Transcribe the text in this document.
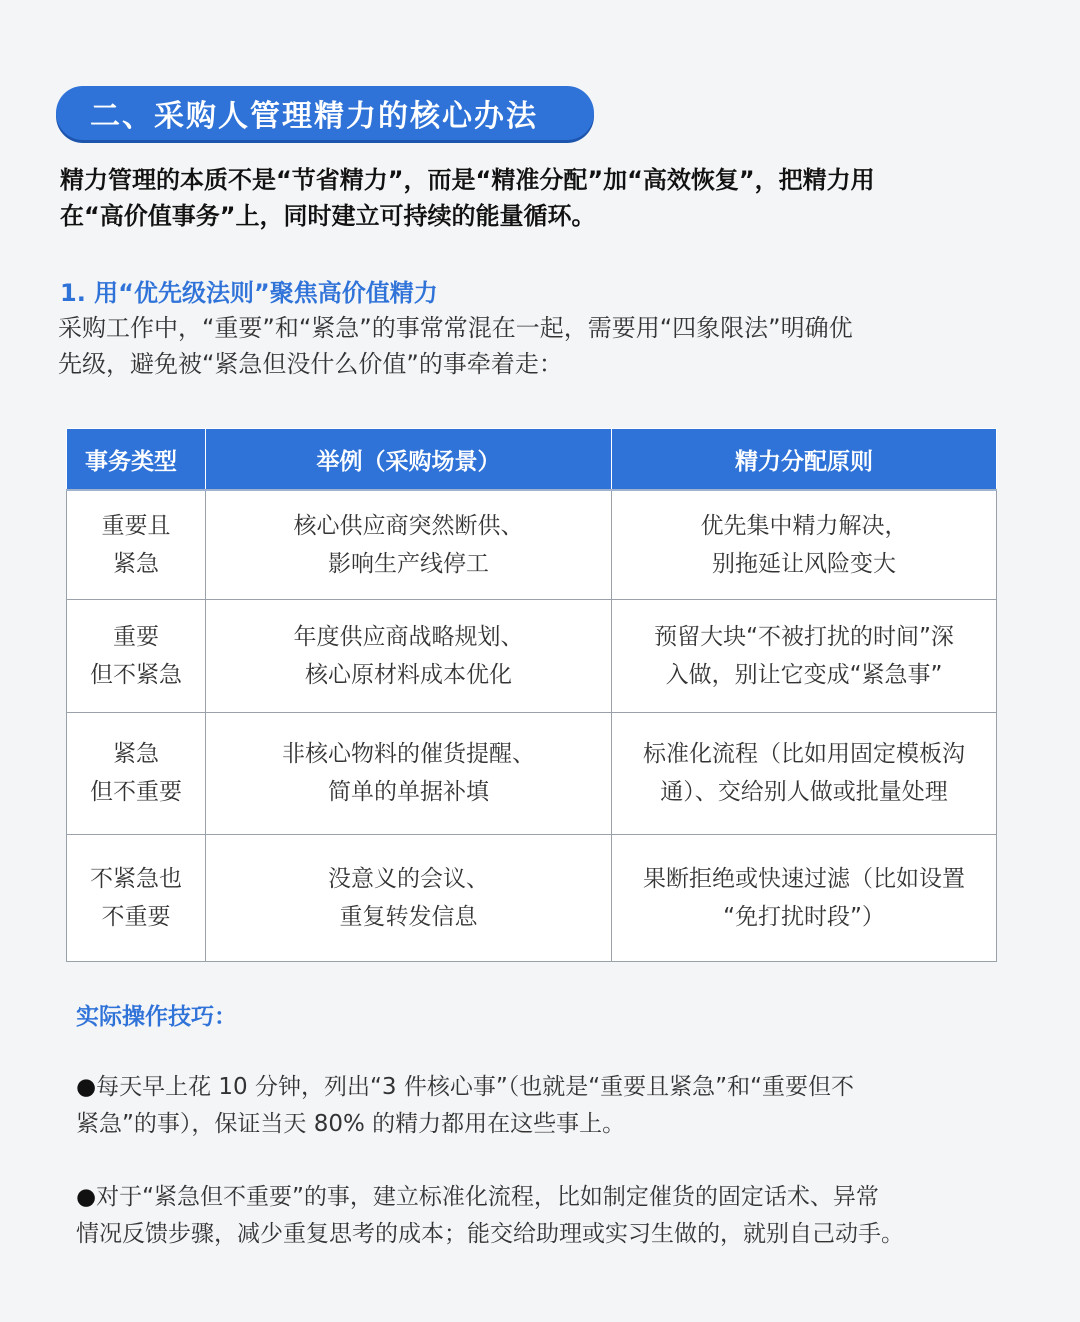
二、采购人管理精力的核心办法

精力管理的本质不是“节省精力”，而是“精准分配”加“高效恢复”，把精力用
在“高价值事务”上，同时建立可持续的能量循环。

1. 用“优先级法则”聚焦高价值精力

采购工作中，“重要”和“紧急”的事常常混在一起，需要用“四象限法”明确优
先级，避免被“紧急但没什么价值”的事牵着走：

事务类型	举例（采购场景）	精力分配原则

重要且
紧急	核心供应商突然断供、
影响生产线停工	优先集中精力解决，
别拖延让风险变大

重要
但不紧急	年度供应商战略规划、
核心原材料成本优化	预留大块“不被打扰的时间”深
入做，别让它变成“紧急事”

紧急
但不重要	非核心物料的催货提醒、
简单的单据补填	标准化流程（比如用固定模板沟
通）、交给别人做或批量处理

不紧急也
不重要	没意义的会议、
重复转发信息	果断拒绝或快速过滤（比如设置
“免打扰时段”）
实际操作技巧：

●每天早上花 10 分钟，列出“3 件核心事”（也就是“重要且紧急”和“重要但不
紧急”的事），保证当天 80% 的精力都用在这些事上。

●对于“紧急但不重要”的事，建立标准化流程，比如制定催货的固定话术、异常
情况反馈步骤，减少重复思考的成本；能交给助理或实习生做的，就别自己动手。
